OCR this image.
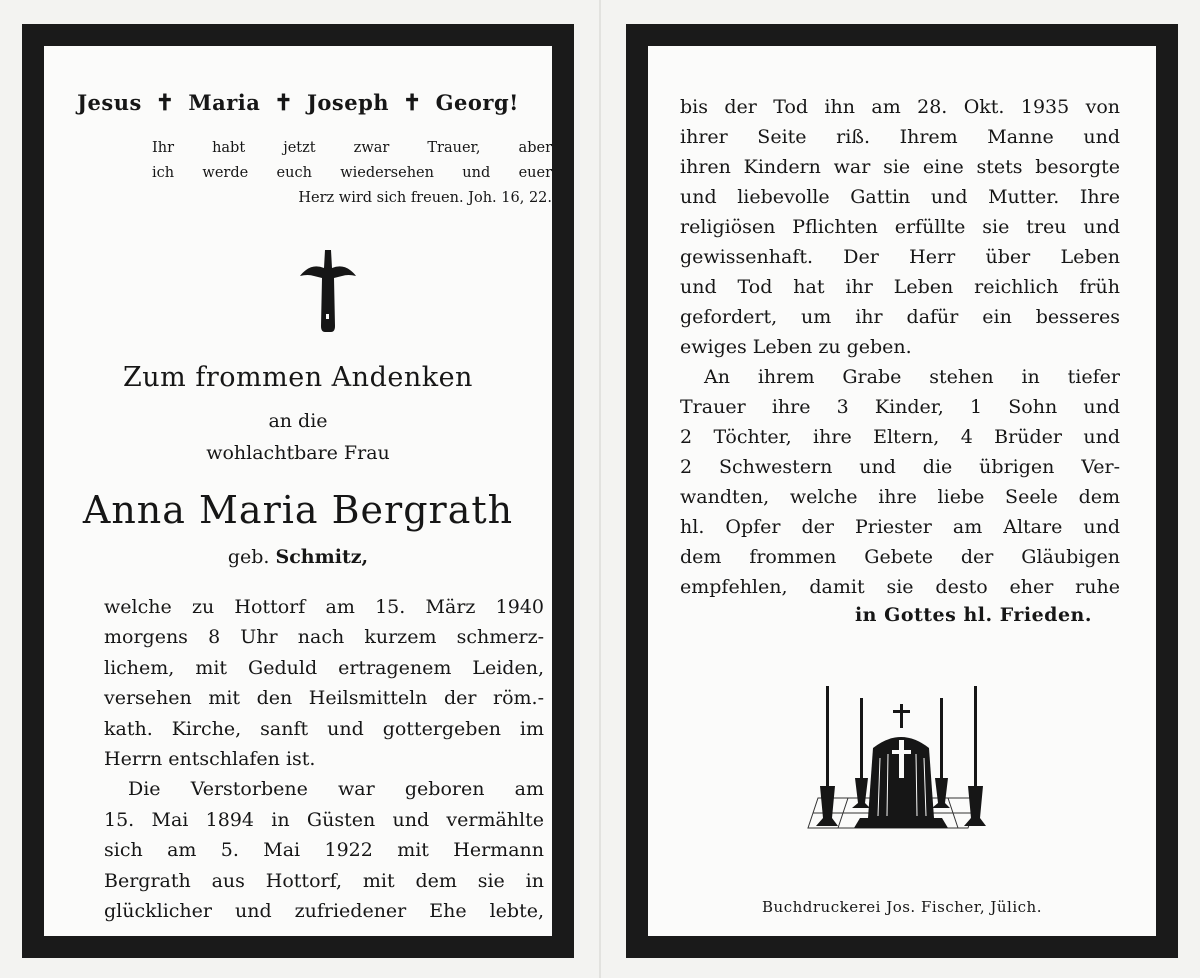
Jesus ✝ Maria ✝ Joseph ✝ Georg!
Ihr habt jetzt zwar Trauer, aber
ich werde euch wiedersehen und euer
Herz wird sich freuen. Joh. 16, 22.
Zum frommen Andenken
an die
wohlachtbare Frau
Anna Maria Bergrath
geb. Schmitz,
welche zu Hottorf am 15. März 1940
morgens 8 Uhr nach kurzem schmerz-
lichem, mit Geduld ertragenem Leiden,
versehen mit den Heilsmitteln der röm.-
kath. Kirche, sanft und gottergeben im
Herrn entschlafen ist.
Die Verstorbene war geboren am
15. Mai 1894 in Güsten und vermählte
sich am 5. Mai 1922 mit Hermann
Bergrath aus Hottorf, mit dem sie in
glücklicher und zufriedener Ehe lebte,
bis der Tod ihn am 28. Okt. 1935 von
ihrer Seite riß. Ihrem Manne und
ihren Kindern war sie eine stets besorgte
und liebevolle Gattin und Mutter. Ihre
religiösen Pflichten erfüllte sie treu und
gewissenhaft. Der Herr über Leben
und Tod hat ihr Leben reichlich früh
gefordert, um ihr dafür ein besseres
ewiges Leben zu geben.
An ihrem Grabe stehen in tiefer
Trauer ihre 3 Kinder, 1 Sohn und
2 Töchter, ihre Eltern, 4 Brüder und
2 Schwestern und die übrigen Ver-
wandten, welche ihre liebe Seele dem
hl. Opfer der Priester am Altare und
dem frommen Gebete der Gläubigen
empfehlen, damit sie desto eher ruhe
in Gottes hl. Frieden.
Buchdruckerei Jos. Fischer, Jülich.
